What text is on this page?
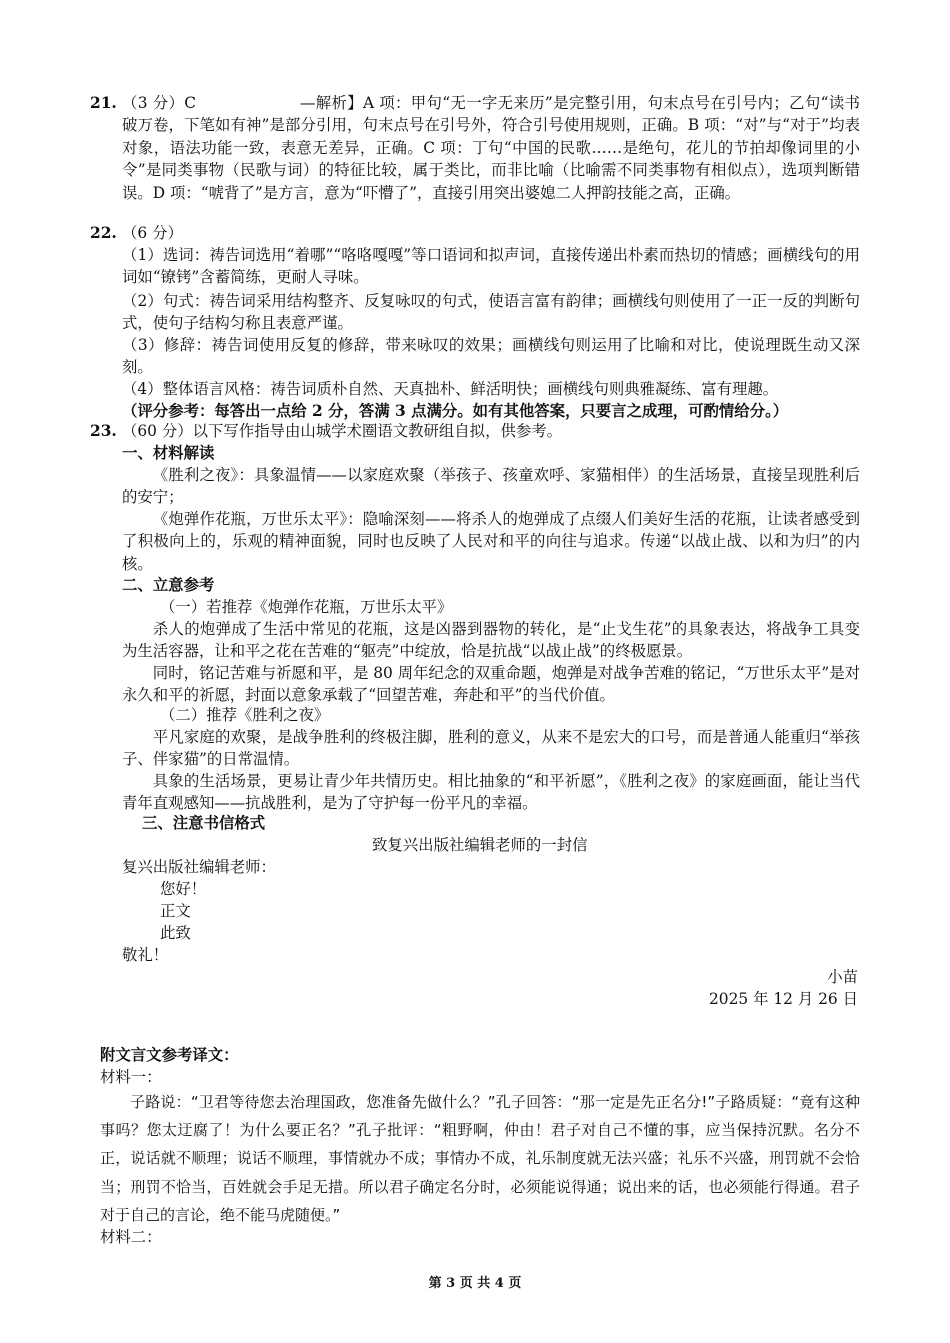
21. （3 分）C	—解析】A 项：甲句“无一字无来历”是完整引用，句末点号在引号内；乙句“读书破万卷，下笔如有神”是部分引用，句末点号在引号外，符合引号使用规则，正确。B 项：“对”与“对于”均表对象，语法功能一致，表意无差异，正确。C 项：丁句“中国的民歌……是绝句，花儿的节拍却像词里的小令”是同类事物（民歌与词）的特征比较，属于类比，而非比喻（比喻需不同类事物有相似点），选项判断错误。D 项：“唬背了”是方言，意为“吓懵了”，直接引用突出婆媳二人押韵技能之高，正确。

22. （6 分）

（1）选词：祷告词选用“着哪”“咯咯嘎嘎”等口语词和拟声词，直接传递出朴素而热切的情感；画横线句的用词如“镣铐”含蓄简练，更耐人寻味。

（2）句式：祷告词采用结构整齐、反复咏叹的句式，使语言富有韵律；画横线句则使用了一正一反的判断句式，使句子结构匀称且表意严谨。

（3）修辞：祷告词使用反复的修辞，带来咏叹的效果；画横线句则运用了比喻和对比，使说理既生动又深刻。

（4）整体语言风格：祷告词质朴自然、天真拙朴、鲜活明快；画横线句则典雅凝练、富有理趣。

（评分参考：每答出一点给 2 分，答满 3 点满分。如有其他答案，只要言之成理，可酌情给分。）

23. （60 分）以下写作指导由山城学术圈语文教研组自拟，供参考。

一、材料解读

《胜利之夜》：具象温情——以家庭欢聚（举孩子、孩童欢呼、家猫相伴）的生活场景，直接呈现胜利后的安宁；

《炮弹作花瓶，万世乐太平》：隐喻深刻——将杀人的炮弹成了点缀人们美好生活的花瓶，让读者感受到了积极向上的，乐观的精神面貌，同时也反映了人民对和平的向往与追求。传递“以战止战、以和为归”的内核。

二、立意参考

（一）若推荐《炮弹作花瓶，万世乐太平》

杀人的炮弹成了生活中常见的花瓶，这是凶器到器物的转化，是“止戈生花”的具象表达，将战争工具变为生活容器，让和平之花在苦难的“躯壳”中绽放，恰是抗战“以战止战”的终极愿景。

同时，铭记苦难与祈愿和平，是 80 周年纪念的双重命题，炮弹是对战争苦难的铭记，“万世乐太平”是对永久和平的祈愿，封面以意象承载了“回望苦难，奔赴和平”的当代价值。

（二）推荐《胜利之夜》

平凡家庭的欢聚，是战争胜利的终极注脚，胜利的意义，从来不是宏大的口号，而是普通人能重归“举孩子、伴家猫”的日常温情。

具象的生活场景，更易让青少年共情历史。相比抽象的“和平祈愿”，《胜利之夜》的家庭画面，能让当代青年直观感知——抗战胜利，是为了守护每一份平凡的幸福。

三、注意书信格式

致复兴出版社编辑老师的一封信

复兴出版社编辑老师：

您好！

正文

此致

敬礼！

小苗

2025 年 12 月 26 日

附文言文参考译文：

材料一：

子路说：“卫君等待您去治理国政，您准备先做什么？”孔子回答：“那一定是先正名分!”子路质疑：“竟有这种事吗？您太迂腐了！为什么要正名？”孔子批评：“粗野啊，仲由！君子对自己不懂的事，应当保持沉默。名分不正，说话就不顺理；说话不顺理，事情就办不成；事情办不成，礼乐制度就无法兴盛；礼乐不兴盛，刑罚就不会恰当；刑罚不恰当，百姓就会手足无措。所以君子确定名分时，必须能说得通；说出来的话，也必须能行得通。君子对于自己的言论，绝不能马虎随便。”

材料二：

第 3 页 共 4 页
